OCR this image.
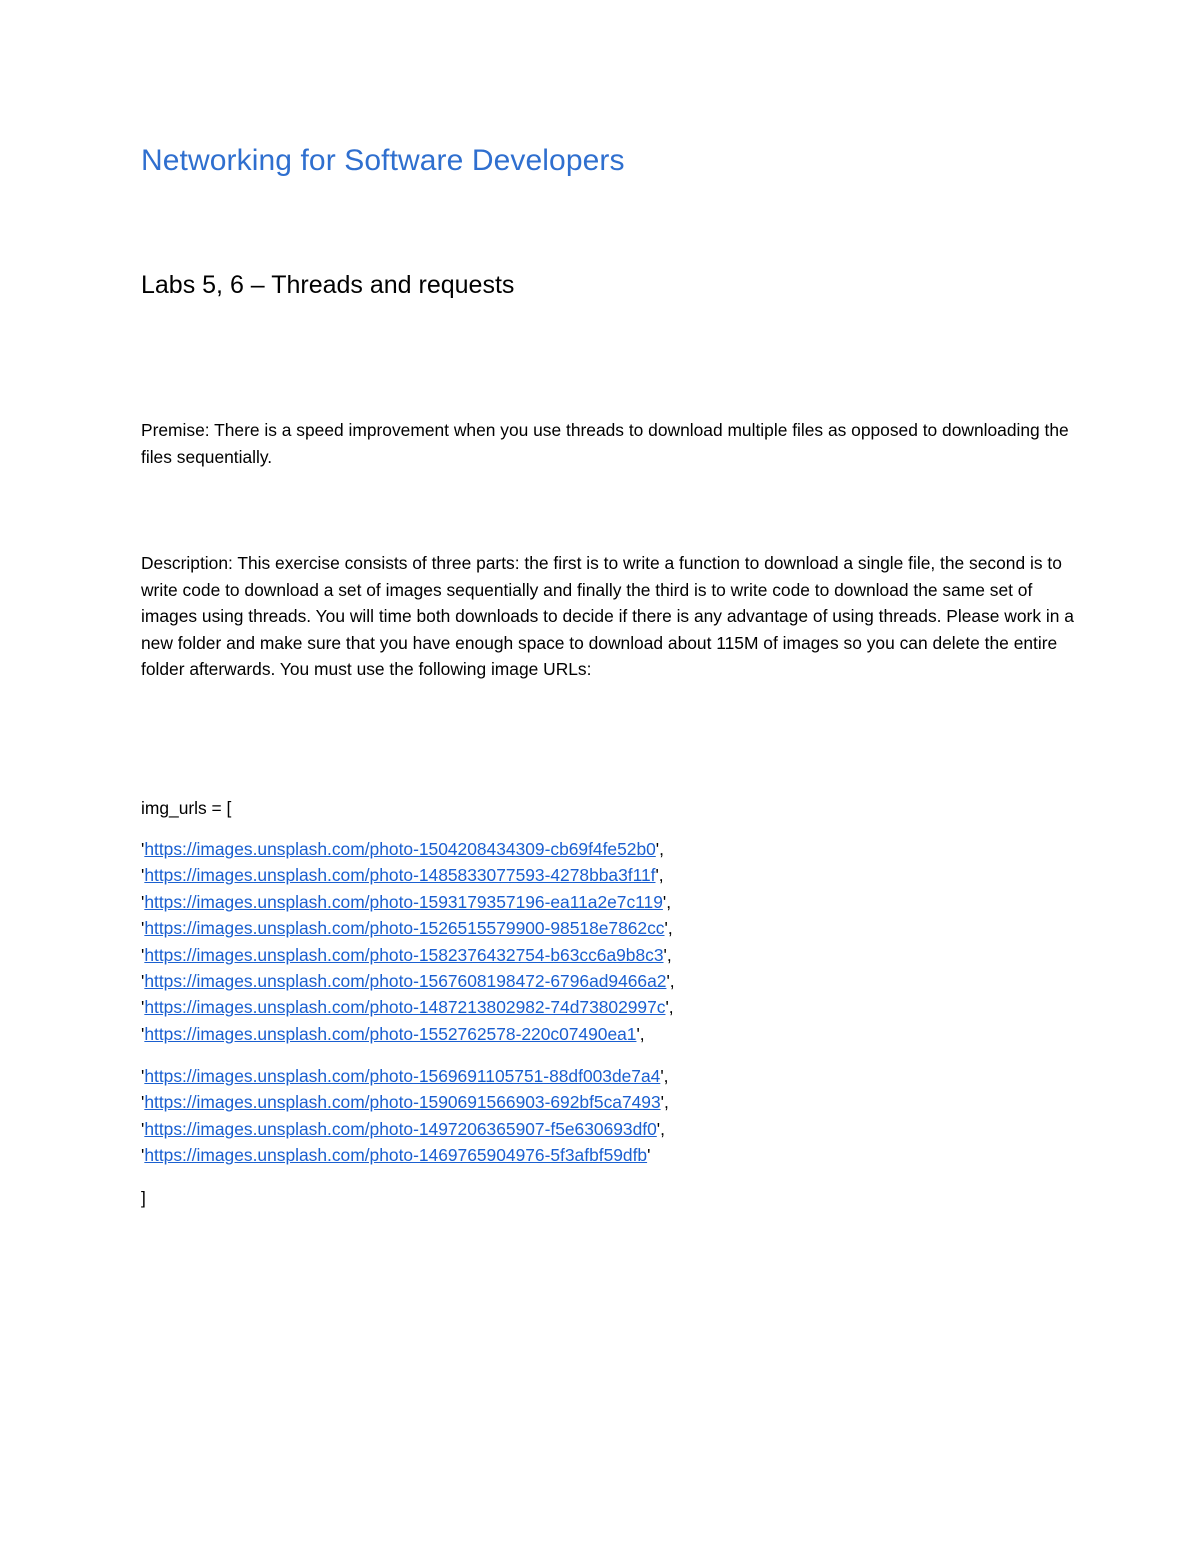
Networking for Software Developers
Labs 5, 6 – Threads and requests
Premise: There is a speed improvement when you use threads to download multiple files as opposed to downloading the files sequentially.
Description: This exercise consists of three parts: the first is to write a function to download a single file, the second is to write code to download a set of images sequentially and finally the third is to write code to download the same set of images using threads. You will time both downloads to decide if there is any advantage of using threads. Please work in a new folder and make sure that you have enough space to download about 115M of images so you can delete the entire folder afterwards. You must use the following image URLs:
img_urls = [
'https://images.unsplash.com/photo-1504208434309-cb69f4fe52b0',
'https://images.unsplash.com/photo-1485833077593-4278bba3f11f',
'https://images.unsplash.com/photo-1593179357196-ea11a2e7c119',
'https://images.unsplash.com/photo-1526515579900-98518e7862cc',
'https://images.unsplash.com/photo-1582376432754-b63cc6a9b8c3',
'https://images.unsplash.com/photo-1567608198472-6796ad9466a2',
'https://images.unsplash.com/photo-1487213802982-74d73802997c',
'https://images.unsplash.com/photo-1552762578-220c07490ea1',
'https://images.unsplash.com/photo-1569691105751-88df003de7a4',
'https://images.unsplash.com/photo-1590691566903-692bf5ca7493',
'https://images.unsplash.com/photo-1497206365907-f5e630693df0',
'https://images.unsplash.com/photo-1469765904976-5f3afbf59dfb'
]
